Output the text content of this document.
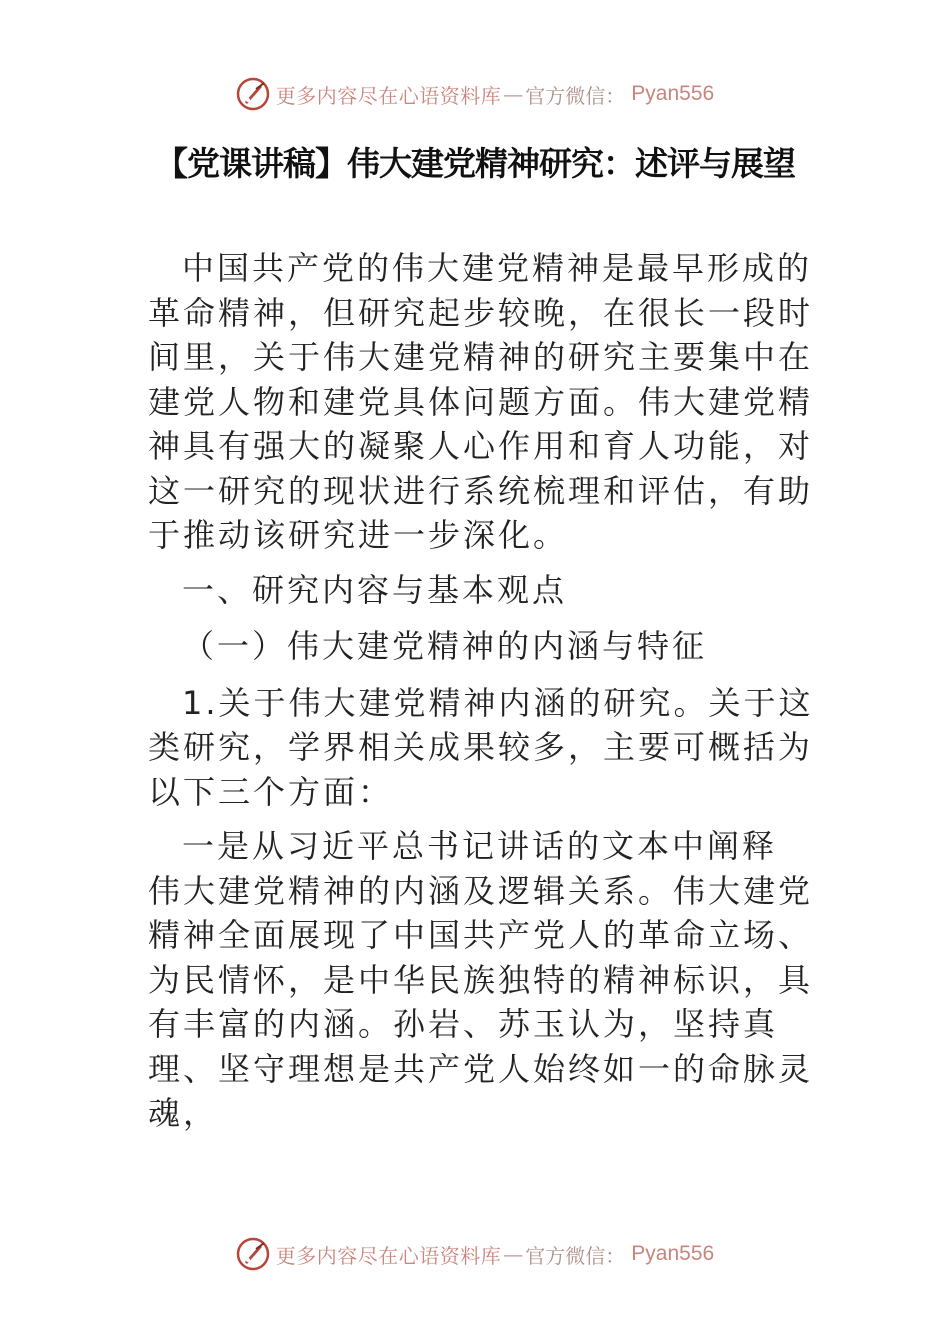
更多内容尽在心语资料库 — 官方微信： Pyan556
【党课讲稿】伟大建党精神研究：述评与展望

中国共产党的伟大建党精神是最早形成的革命精神，但研究起步较晚，在很长一段时间里，关于伟大建党精神的研究主要集中在建党人物和建党具体问题方面。伟大建党精神具有强大的凝聚人心作用和育人功能，对这一研究的现状进行系统梳理和评估，有助于推动该研究进一步深化。

一、研究内容与基本观点

（一）伟大建党精神的内涵与特征

1.关于伟大建党精神内涵的研究。关于这类研究，学界相关成果较多，主要可概括为以下三个方面：

一是从习近平总书记讲话的文本中阐释 伟大建党精神的内涵及逻辑关系。伟大建党精神全面展现了中国共产党人的革命立场、为民情怀，是中华民族独特的精神标识，具有丰富的内涵。孙岩、苏玉认为，坚持真理、坚守理想是共产党人始终如一的命脉灵魂，

更多内容尽在心语资料库 — 官方微信： Pyan556
